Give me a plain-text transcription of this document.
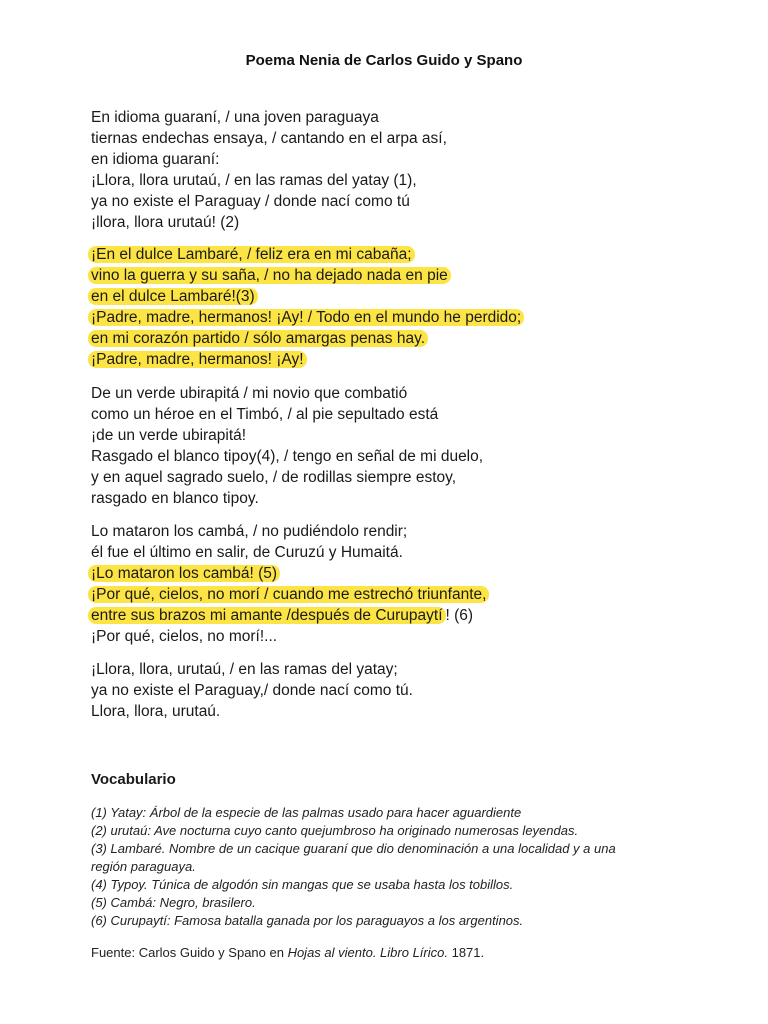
Poema Nenia de Carlos Guido y Spano
En idioma guaraní, / una joven paraguaya
tiernas endechas ensaya, / cantando en el arpa así,
en idioma guaraní:
¡Llora, llora urutaú, / en las ramas del yatay (1),
ya no existe el Paraguay / donde nací como tú
¡llora, llora urutaú! (2)
¡En el dulce Lambaré, / feliz era en mi cabaña;
vino la guerra y su saña, / no ha dejado nada en pie
en el dulce Lambaré!(3)
¡Padre, madre, hermanos! ¡Ay! / Todo en el mundo he perdido;
en mi corazón partido / sólo amargas penas hay.
¡Padre, madre, hermanos! ¡Ay!
De un verde ubirapitá / mi novio que combatió
como un héroe en el Timbó, / al pie sepultado está
¡de un verde ubirapitá!
Rasgado el blanco tipoy(4), / tengo en señal de mi duelo,
y en aquel sagrado suelo, / de rodillas siempre estoy,
rasgado en blanco tipoy.
Lo mataron los cambá, / no pudiéndolo rendir;
él fue el último en salir, de Curuzú y Humaitá.
¡Lo mataron los cambá! (5)
¡Por qué, cielos, no morí / cuando me estrechó triunfante,
entre sus brazos mi amante /después de Curupaytí ! (6)
¡Por qué, cielos, no morí!...
¡Llora, llora, urutaú, / en las ramas del yatay;
ya no existe el Paraguay,/ donde nací como tú.
Llora, llora, urutaú.
Vocabulario
(1) Yatay: Árbol de la especie de las palmas usado para hacer aguardiente
(2) urutaú: Ave nocturna cuyo canto quejumbroso ha originado numerosas leyendas.
(3) Lambaré. Nombre de un cacique guaraní que dio denominación a una localidad y a una
región paraguaya.
(4) Typoy. Túnica de algodón sin mangas que se usaba hasta los tobillos.
(5) Cambá: Negro, brasilero.
(6) Curupaytí: Famosa batalla ganada por los paraguayos a los argentinos.
Fuente: Carlos Guido y Spano en Hojas al viento. Libro Lírico. 1871.
